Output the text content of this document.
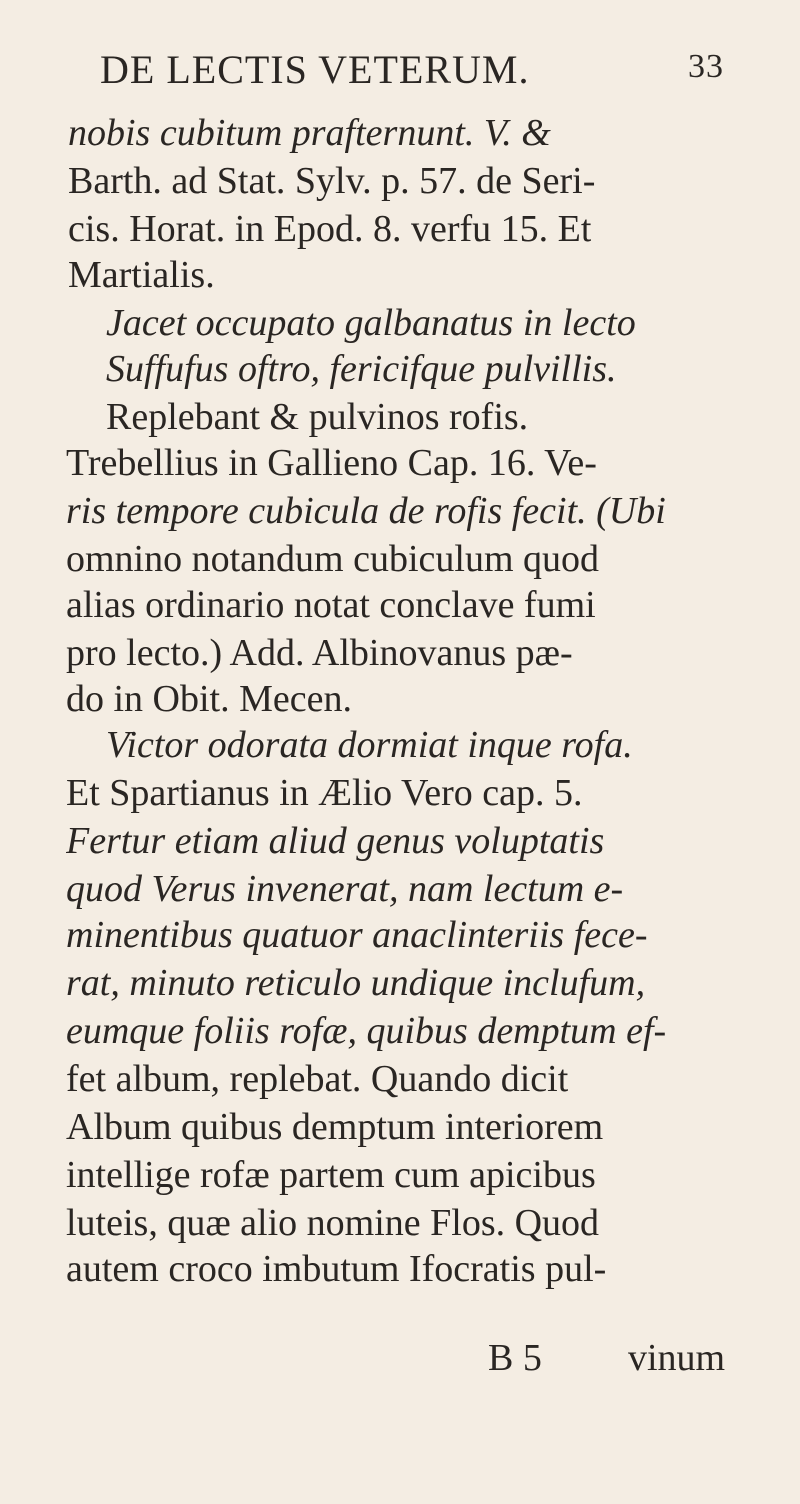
DE LECTIS VETERUM.	33
nobis cubitum prafternunt. V. &
Barth. ad Stat. Sylv. p. 57. de Seri-
cis. Horat. in Epod. 8. verfu 15. Et
Martialis.
Jacet occupato galbanatus in lecto
Suffufus oftro, fericifque pulvillis.
Replebant & pulvinos rofis.
Trebellius in Gallieno Cap. 16. Ve-
ris tempore cubicula de rofis fecit. (Ubi
omnino notandum cubiculum quod
alias ordinario notat conclave fumi
pro lecto.) Add. Albinovanus pæ-
do in Obit. Mecen.
Victor odorata dormiat inque rofa.
Et Spartianus in Ælio Vero cap. 5.
Fertur etiam aliud genus voluptatis
quod Verus invenerat, nam lectum e-
minentibus quatuor anaclinteriis fece-
rat, minuto reticulo undique inclufum,
eumque foliis rofæ, quibus demptum ef-
fet album, replebat. Quando dicit
Album quibus demptum interiorem
intellige rofæ partem cum apicibus
luteis, quæ alio nomine Flos. Quod
autem croco imbutum Ifocratis pul-
B 5 vinum
